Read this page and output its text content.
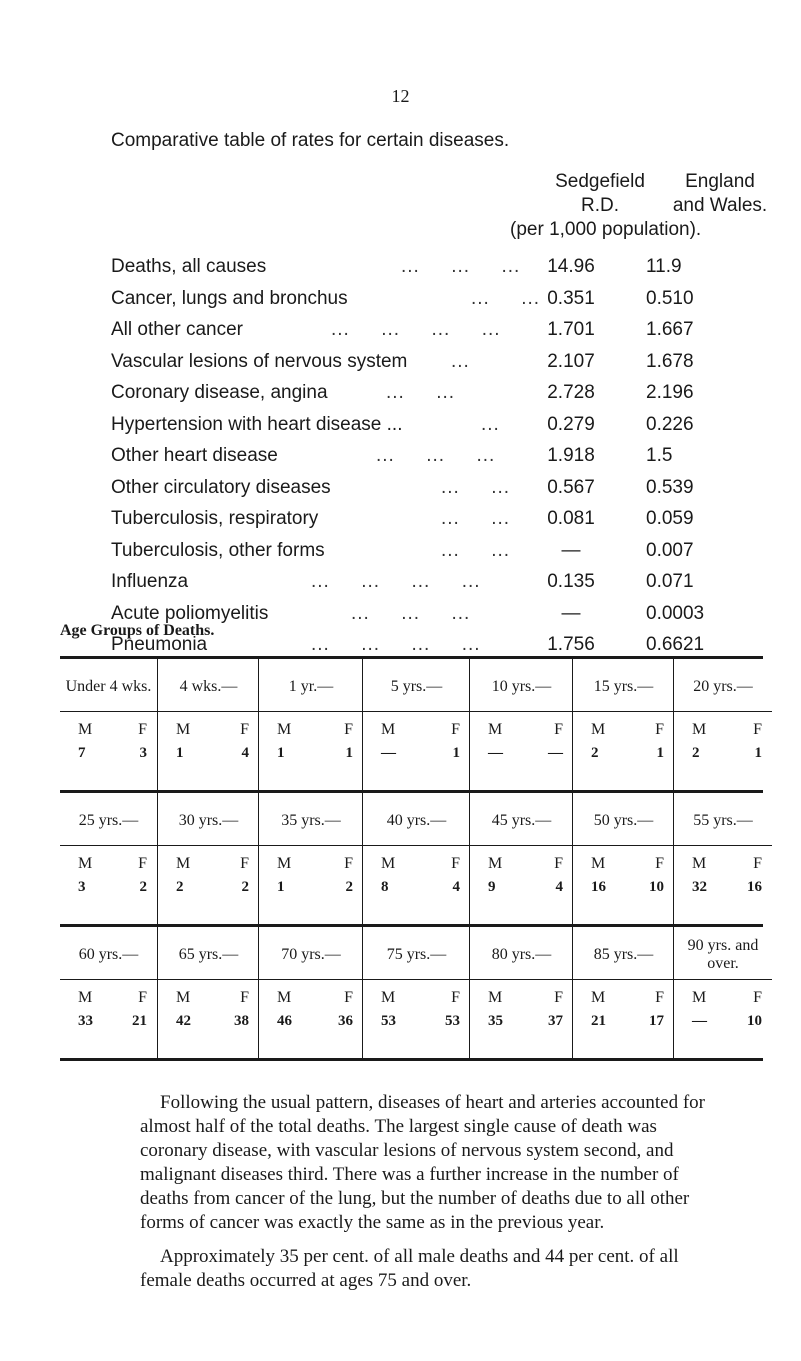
12
Comparative table of rates for certain diseases.
Sedgefield
R.D.
England
and Wales.
(per 1,000 population).
Deaths, all causes	...     ...     ...	14.96	11.9
Cancer, lungs and bronchus	...     ... 0.351	0.510
All other cancer	...     ...     ...     ...	1.701	1.667
Vascular lesions of nervous system ...	2.107	1.678
Coronary disease, angina	...     ...	2.728	2.196
Hypertension with heart disease ...	...	0.279	0.226
Other heart disease	...     ...     ...	1.918	1.5
Other circulatory diseases	...     ...	0.567	0.539
Tuberculosis, respiratory	...     ...	0.081	0.059
Tuberculosis, other forms	...     ...	—	0.007
Influenza	...     ...     ...     ...	0.135	0.071
Acute poliomyelitis	...     ...     ...	—	0.0003
Pneumonia	...     ...     ...     ...	1.756	0.6621
Age Groups of Deaths.
Under 4 wks.
M	F
7	3
4 wks.—
M	F
1	4
1 yr.—
M	F
1	1
5 yrs.—
M	F
—	1
10 yrs.—
M	F
—	—
15 yrs.—
M	F
2	1
20 yrs.—
M	F
2	1
25 yrs.—
M	F
3	2
30 yrs.—
M	F
2	2
35 yrs.—
M	F
1	2
40 yrs.—
M	F
8	4
45 yrs.—
M	F
9	4
50 yrs.—
M	F
16	10
55 yrs.—
M	F
32	16
60 yrs.—
M	F
33	21
65 yrs.—
M	F
42	38
70 yrs.—
M	F
46	36
75 yrs.—
M	F
53	53
80 yrs.—
M	F
35	37
85 yrs.—
M	F
21	17
90 yrs. and over.
M	F
—	10
Following the usual pattern, diseases of heart and arteries accounted for almost half of the total deaths. The largest single cause of death was coronary disease, with vascular lesions of nervous system second, and malignant diseases third. There was a further increase in the number of deaths from cancer of the lung, but the number of deaths due to all other forms of cancer was exactly the same as in the previous year.
Approximately 35 per cent. of all male deaths and 44 per cent. of all female deaths occurred at ages 75 and over.
